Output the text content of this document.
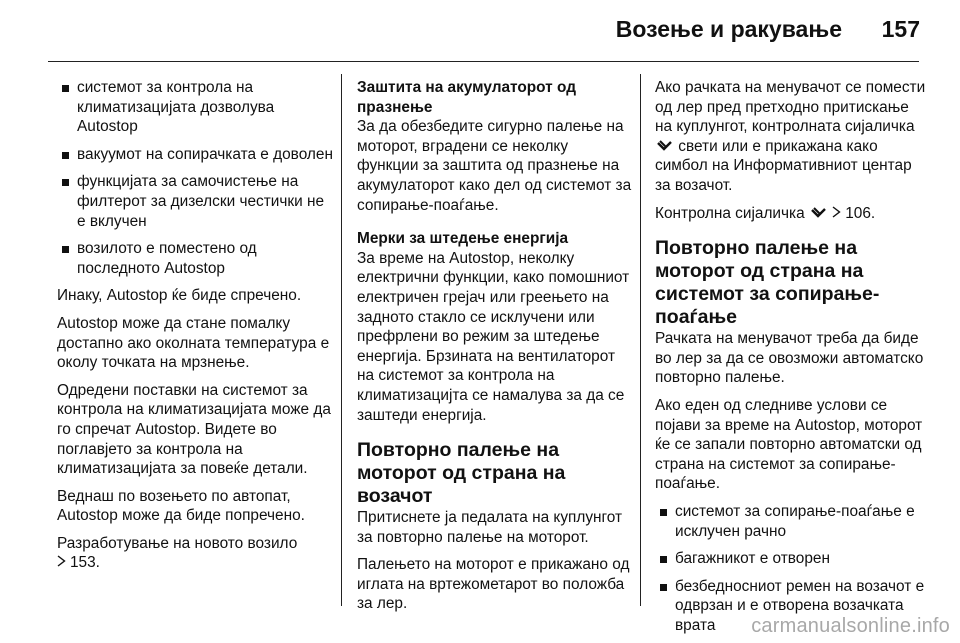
Возење и ракување 157
системот за контрола на климатизацијата дозволува Autostop
вакуумот на сопирачката е доволен
функцијата за самочистење на филтерот за дизелски честички не е вклучен
возилото е поместено од последното Autostop

Инаку, Autostop ќе биде спречено.

Autostop може да стане помалку достапно ако околната температура е околу точката на мрзнење.

Одредени поставки на системот за контрола на климатизацијата може да го спречат Autostop. Видете во поглавјето за контрола на климатизацијата за повеќе детали.

Веднаш по возењето по автопат, Autostop може да биде попречено.

Разработувањe на новото возило
153.

Заштита на акумулаторот од празнење

За да обезбедите сигурно палење на моторот, вградени се неколку функции за заштита од празнење на акумулаторот како дел од системот за сопирање-поаѓање.

Мерки за штедење енергија

За време на Autostop, неколку електрични функции, како помошниот електричен грејач или греењето на задното стакло се исклучени или префрлени во режим за штедење енергија. Брзината на вентилаторот на системот за контрола на климатизацијта се намалува за да се заштеди енергија.

Повторно палење на моторот од страна на возачот

Притиснете ја педалата на куплунгот за повторно палење на моторот.

Палењето на моторот е прикажано од иглата на вртежометарот во положба за лер.

Ако рачката на менувачот се помести од лер пред претходно притискање на куплунгот, контролната сијаличка  свети или е прикажана како симбол на Информативниот центар за возачот.

Контролна сијаличка	106.

Повторно палење на моторот од страна на системот за сопирање-поаѓање

Рачката на менувачот треба да биде во лер за да се овозможи автоматско повторно палење.

Ако еден од следниве услови се појави за време на Autostop, моторот ќе се запали повторно автоматски од страна на системот за сопирање-поаѓање.

системот за сопирање-поаѓање е исклучен рачно
багажникот е отворен
безбедносниот ремен на возачот е одврзан и е отворена возачката врата	carmanualsonline.info
